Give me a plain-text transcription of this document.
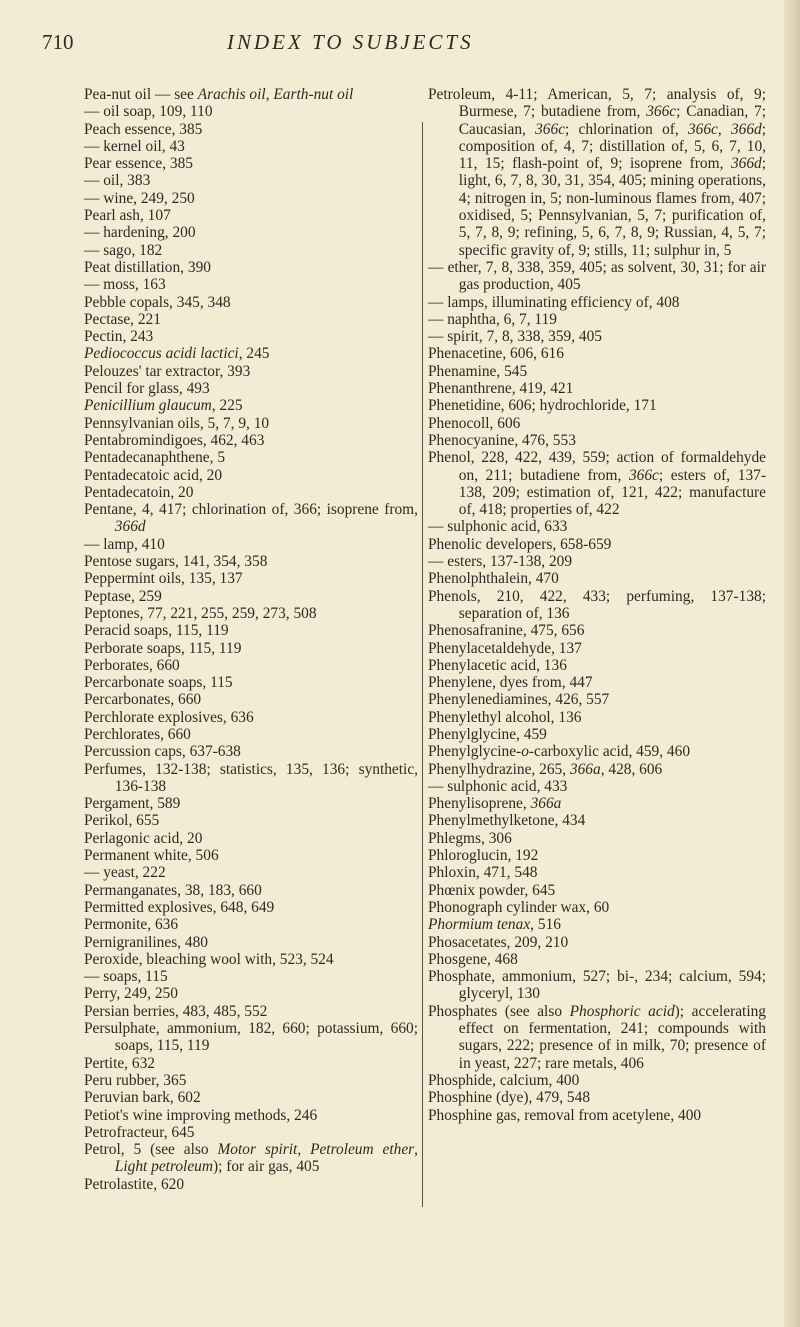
710	INDEX TO SUBJECTS
Pea-nut oil — see Arachis oil, Earth-nut oil
— oil soap, 109, 110
Peach essence, 385
— kernel oil, 43
Pear essence, 385
— oil, 383
— wine, 249, 250
Pearl ash, 107
— hardening, 200
— sago, 182
Peat distillation, 390
— moss, 163
Pebble copals, 345, 348
Pectase, 221
Pectin, 243
Pediococcus acidi lactici, 245
Pelouzes' tar extractor, 393
Pencil for glass, 493
Penicillium glaucum, 225
Pennsylvanian oils, 5, 7, 9, 10
Pentabromindigoes, 462, 463
Pentadecanaphthene, 5
Pentadecatoic acid, 20
Pentadecatoin, 20
Pentane, 4, 417; chlorination of, 366; isoprene from, 366d
— lamp, 410
Pentose sugars, 141, 354, 358
Peppermint oils, 135, 137
Peptase, 259
Peptones, 77, 221, 255, 259, 273, 508
Peracid soaps, 115, 119
Perborate soaps, 115, 119
Perborates, 660
Percarbonate soaps, 115
Percarbonates, 660
Perchlorate explosives, 636
Perchlorates, 660
Percussion caps, 637-638
Perfumes, 132-138; statistics, 135, 136; synthetic, 136-138
Pergament, 589
Perikol, 655
Perlagonic acid, 20
Permanent white, 506
— yeast, 222
Permanganates, 38, 183, 660
Permitted explosives, 648, 649
Permonite, 636
Pernigranilines, 480
Peroxide, bleaching wool with, 523, 524
— soaps, 115
Perry, 249, 250
Persian berries, 483, 485, 552
Persulphate, ammonium, 182, 660; potassium, 660; soaps, 115, 119
Pertite, 632
Peru rubber, 365
Peruvian bark, 602
Petiot's wine improving methods, 246
Petrofracteur, 645
Petrol, 5 (see also Motor spirit, Petroleum ether, Light petroleum); for air gas, 405
Petrolastite, 620
Petroleum, 4-11; American, 5, 7; analysis of, 9; Burmese, 7; butadiene from, 366c; Canadian, 7; Caucasian, 366c; chlorination of, 366c, 366d; composition of, 4, 7; distillation of, 5, 6, 7, 10, 11, 15; flash-point of, 9; isoprene from, 366d; light, 6, 7, 8, 30, 31, 354, 405; mining operations, 4; nitrogen in, 5; non-luminous flames from, 407; oxidised, 5; Pennsylvanian, 5, 7; purification of, 5, 7, 8, 9; refining, 5, 6, 7, 8, 9; Russian, 4, 5, 7; specific gravity of, 9; stills, 11; sulphur in, 5
— ether, 7, 8, 338, 359, 405; as solvent, 30, 31; for air gas production, 405
— lamps, illuminating efficiency of, 408
— naphtha, 6, 7, 119
— spirit, 7, 8, 338, 359, 405
Phenacetine, 606, 616
Phenamine, 545
Phenanthrene, 419, 421
Phenetidine, 606; hydrochloride, 171
Phenocoll, 606
Phenocyanine, 476, 553
Phenol, 228, 422, 439, 559; action of formaldehyde on, 211; butadiene from, 366c; esters of, 137-138, 209; estimation of, 121, 422; manufacture of, 418; properties of, 422
— sulphonic acid, 633
Phenolic developers, 658-659
— esters, 137-138, 209
Phenolphthalein, 470
Phenols, 210, 422, 433; perfuming, 137-138; separation of, 136
Phenosafranine, 475, 656
Phenylacetaldehyde, 137
Phenylacetic acid, 136
Phenylene, dyes from, 447
Phenylenediamines, 426, 557
Phenylethyl alcohol, 136
Phenylglycine, 459
Phenylglycine-o-carboxylic acid, 459, 460
Phenylhydrazine, 265, 366a, 428, 606
— sulphonic acid, 433
Phenylisoprene, 366a
Phenylmethylketone, 434
Phlegms, 306
Phloroglucin, 192
Phloxin, 471, 548
Phœnix powder, 645
Phonograph cylinder wax, 60
Phormium tenax, 516
Phosacetates, 209, 210
Phosgene, 468
Phosphate, ammonium, 527; bi-, 234; calcium, 594; glyceryl, 130
Phosphates (see also Phosphoric acid); accelerating effect on fermentation, 241; compounds with sugars, 222; presence of in milk, 70; presence of in yeast, 227; rare metals, 406
Phosphide, calcium, 400
Phosphine (dye), 479, 548
Phosphine gas, removal from acetylene, 400
